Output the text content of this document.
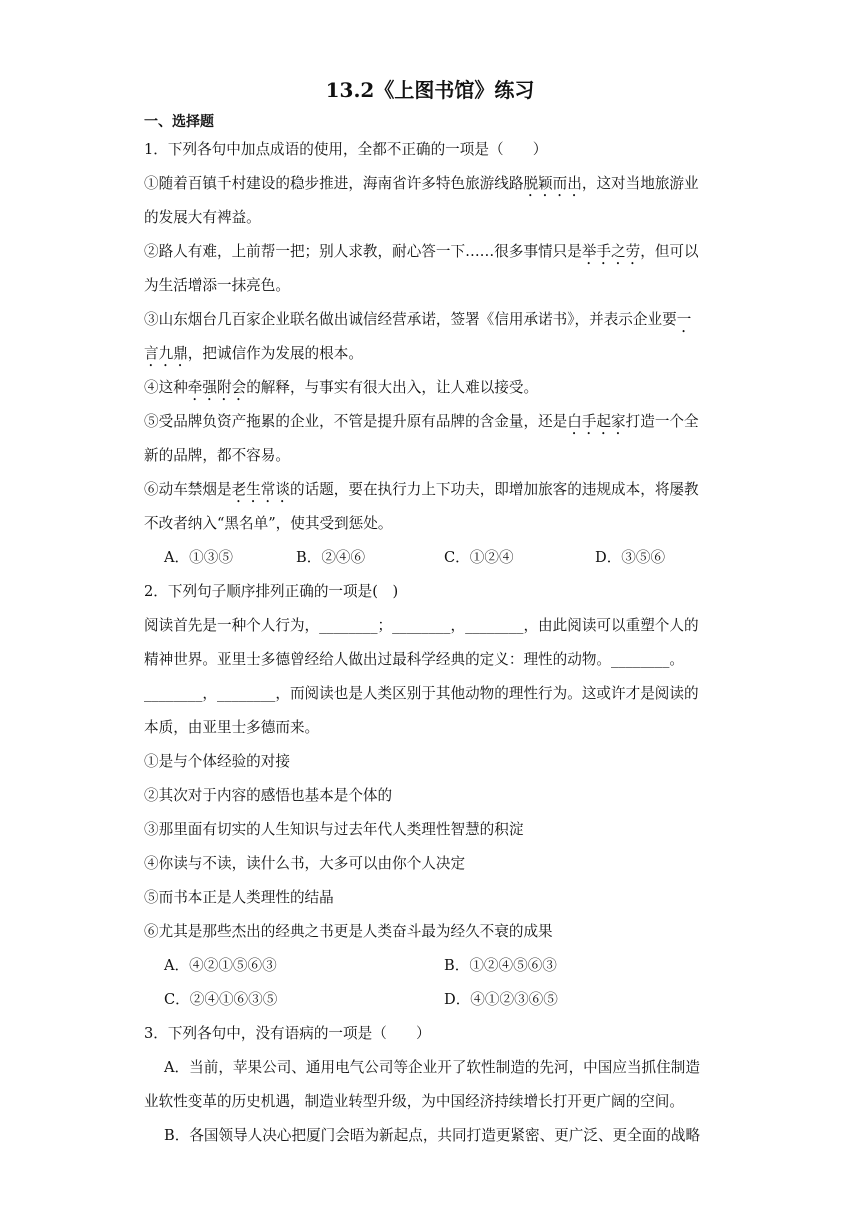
13.2《上图书馆》练习
一、选择题
1．下列各句中加点成语的使用，全都不正确的一项是（　　）
①随着百镇千村建设的稳步推进，海南省许多特色旅游线路脱颖而出，这对当地旅游业
的发展大有裨益。
②路人有难，上前帮一把；别人求教，耐心答一下……很多事情只是举手之劳，但可以
为生活增添一抹亮色。
③山东烟台几百家企业联名做出诚信经营承诺，签署《信用承诺书》，并表示企业要一
言九鼎，把诚信作为发展的根本。
④这种牵强附会的解释，与事实有很大出入，让人难以接受。
⑤受品牌负资产拖累的企业，不管是提升原有品牌的含金量，还是白手起家打造一个全
新的品牌，都不容易。
⑥动车禁烟是老生常谈的话题，要在执行力上下功夫，即增加旅客的违规成本，将屡教
不改者纳入“黑名单”，使其受到惩处。
A．①③⑤	B．②④⑥	C．①②④	D．③⑤⑥
2．下列句子顺序排列正确的一项是(　)
阅读首先是一种个人行为，________；________，________，由此阅读可以重塑个人的
精神世界。亚里士多德曾经给人做出过最科学经典的定义：理性的动物。________。
________，________，而阅读也是人类区别于其他动物的理性行为。这或许才是阅读的
本质，由亚里士多德而来。
①是与个体经验的对接
②其次对于内容的感悟也基本是个体的
③那里面有切实的人生知识与过去年代人类理性智慧的积淀
④你读与不读，读什么书，大多可以由你个人决定
⑤而书本正是人类理性的结晶
⑥尤其是那些杰出的经典之书更是人类奋斗最为经久不衰的成果
A．④②①⑤⑥③	B．①②④⑤⑥③
C．②④①⑥③⑤	D．④①②③⑥⑤
3．下列各句中，没有语病的一项是（　　）
A．当前，苹果公司、通用电气公司等企业开了软性制造的先河，中国应当抓住制造
业软性变革的历史机遇，制造业转型升级，为中国经济持续增长打开更广阔的空间。
B．各国领导人决心把厦门会晤为新起点，共同打造更紧密、更广泛、更全面的战略
